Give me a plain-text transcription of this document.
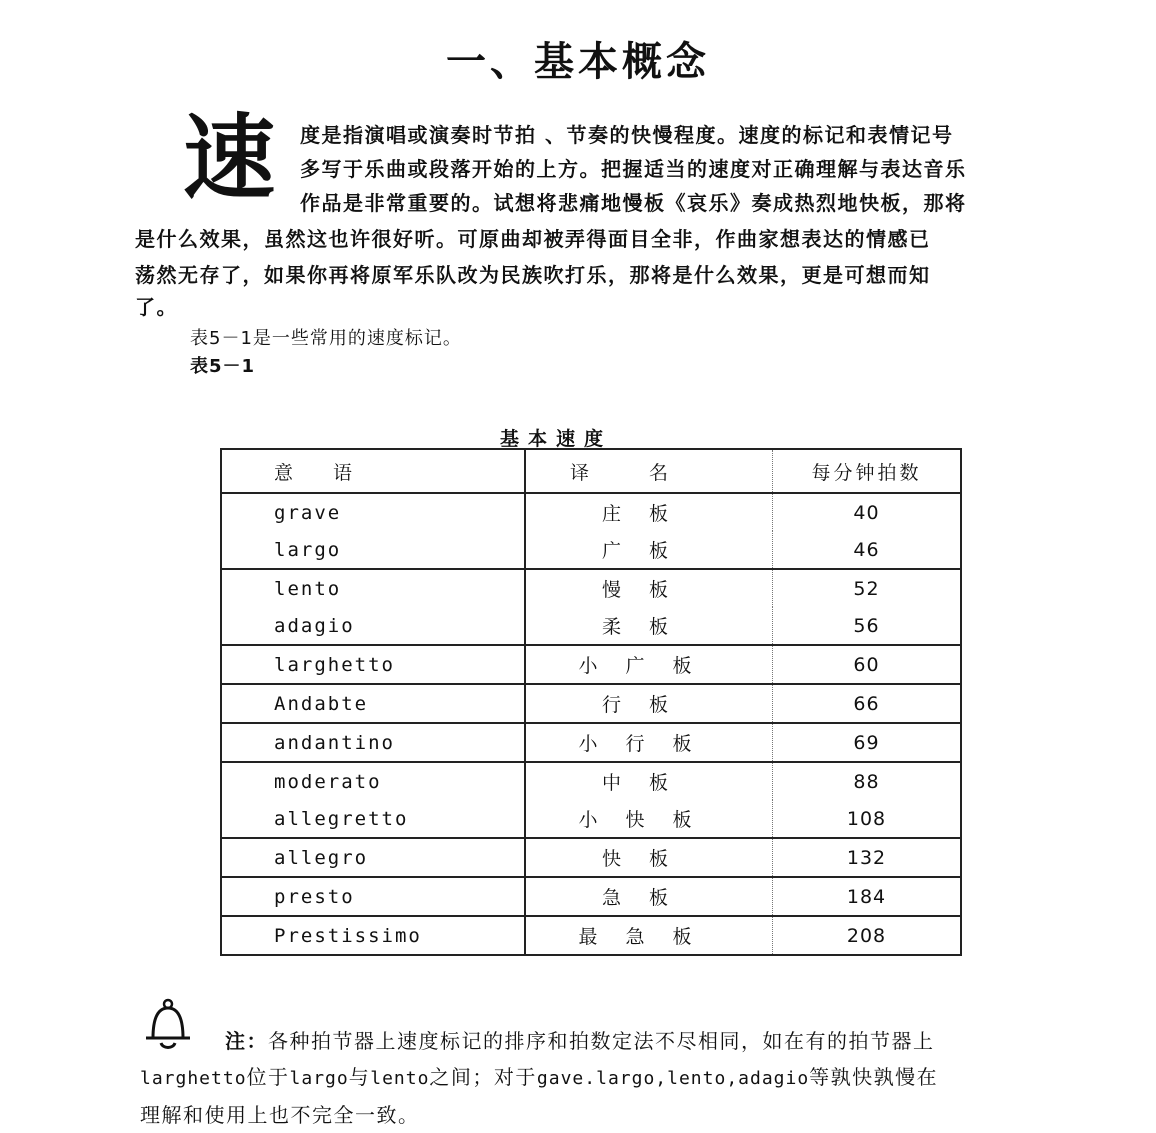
一、基本概念
速 度是指演唱或演奏时节拍 、节奏的快慢程度。速度的标记和表情记号
多写于乐曲或段落开始的上方。把握适当的速度对正确理解与表达音乐
作品是非常重要的。试想将悲痛地慢板《哀乐》奏成热烈地快板，那将
是什么效果，虽然这也许很好听。可原曲却被弄得面目全非，作曲家想表达的情感已
荡然无存了，如果你再将原军乐队改为民族吹打乐，那将是什么效果，更是可想而知
了。
表5－1是一些常用的速度标记。
表5－1
基本速度
意语	译名	每分钟拍数
grave	庄板	40
largo	广板	46
lento	慢板	52
adagio	柔板	56
larghetto	小广板	60
Andabte	行板	66
andantino	小行板	69
moderato	中板	88
allegretto	小快板	108
allegro	快板	132
presto	急板	184
Prestissimo	最急板	208
注：各种拍节器上速度标记的排序和拍数定法不尽相同，如在有的拍节器上
larghetto位于largo与lento之间；对于gave.largo,lento,adagio等孰快孰慢在
理解和使用上也不完全一致。
